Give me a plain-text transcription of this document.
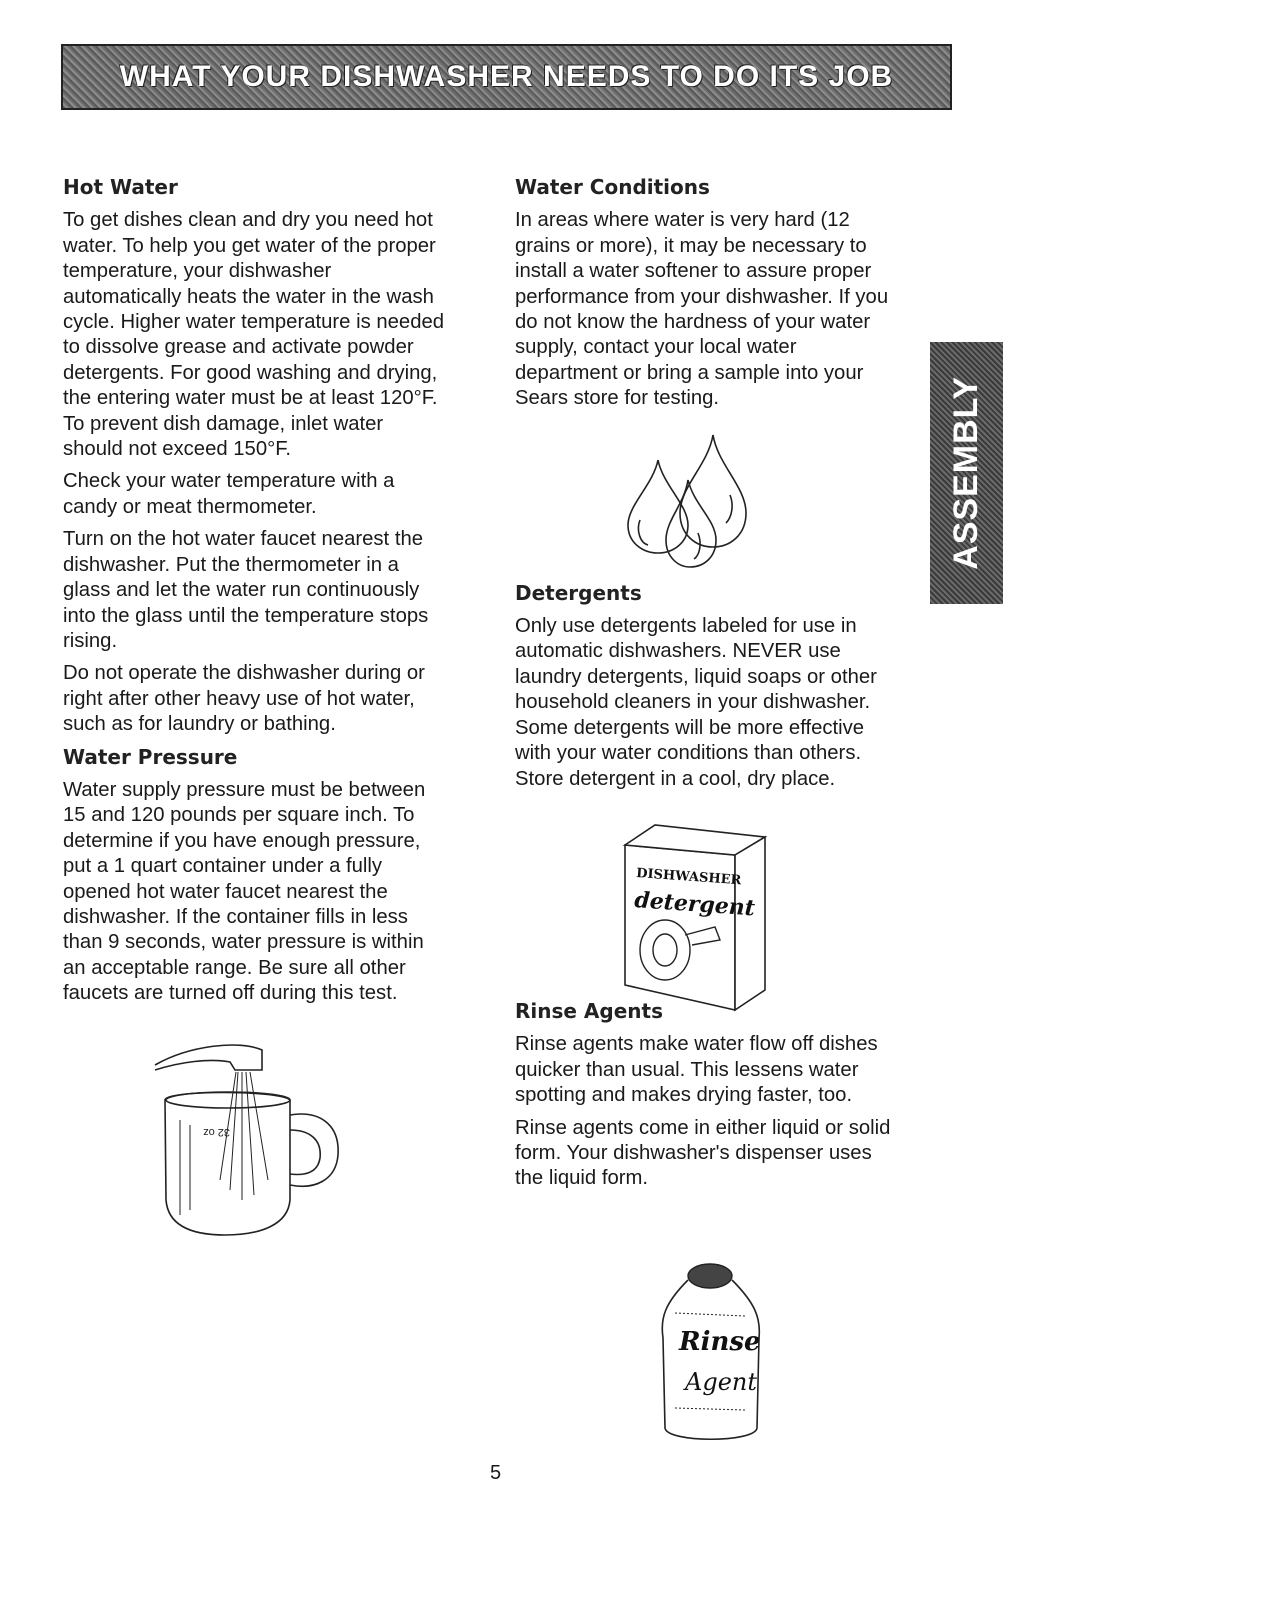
WHAT YOUR DISHWASHER NEEDS TO DO ITS JOB
Hot Water

To get dishes clean and dry you need hot
water. To help you get water of the proper
temperature, your dishwasher
automatically heats the water in the wash
cycle. Higher water temperature is needed
to dissolve grease and activate powder
detergents. For good washing and drying,
the entering water must be at least 120°F.
To prevent dish damage, inlet water
should not exceed 150°F.

Check your water temperature with a
candy or meat thermometer.

Turn on the hot water faucet nearest the
dishwasher. Put the thermometer in a
glass and let the water run continuously
into the glass until the temperature stops
rising.

Do not operate the dishwasher during or
right after other heavy use of hot water,
such as for laundry or bathing.

Water Pressure

Water supply pressure must be between
15 and 120 pounds per square inch. To
determine if you have enough pressure,
put a 1 quart container under a fully
opened hot water faucet nearest the
dishwasher. If the container fills in less
than 9 seconds, water pressure is within
an acceptable range. Be sure all other
faucets are turned off during this test.

Water Conditions

In areas where water is very hard (12
grains or more), it may be necessary to
install a water softener to assure proper
performance from your dishwasher. If you
do not know the hardness of your water
supply, contact your local water
department or bring a sample into your
Sears store for testing.

Detergents

Only use detergents labeled for use in
automatic dishwashers. NEVER use
laundry detergents, liquid soaps or other
household cleaners in your dishwasher.
Some detergents will be more effective
with your water conditions than others.
Store detergent in a cool, dry place.

Rinse Agents

Rinse agents make water flow off dishes
quicker than usual. This lessens water
spotting and makes drying faster, too.

Rinse agents come in either liquid or solid
form. Your dishwasher's dispenser uses
the liquid form.

DISHWASHER
detergent
32 oz
Rinse
Agent
ASSEMBLY
5
